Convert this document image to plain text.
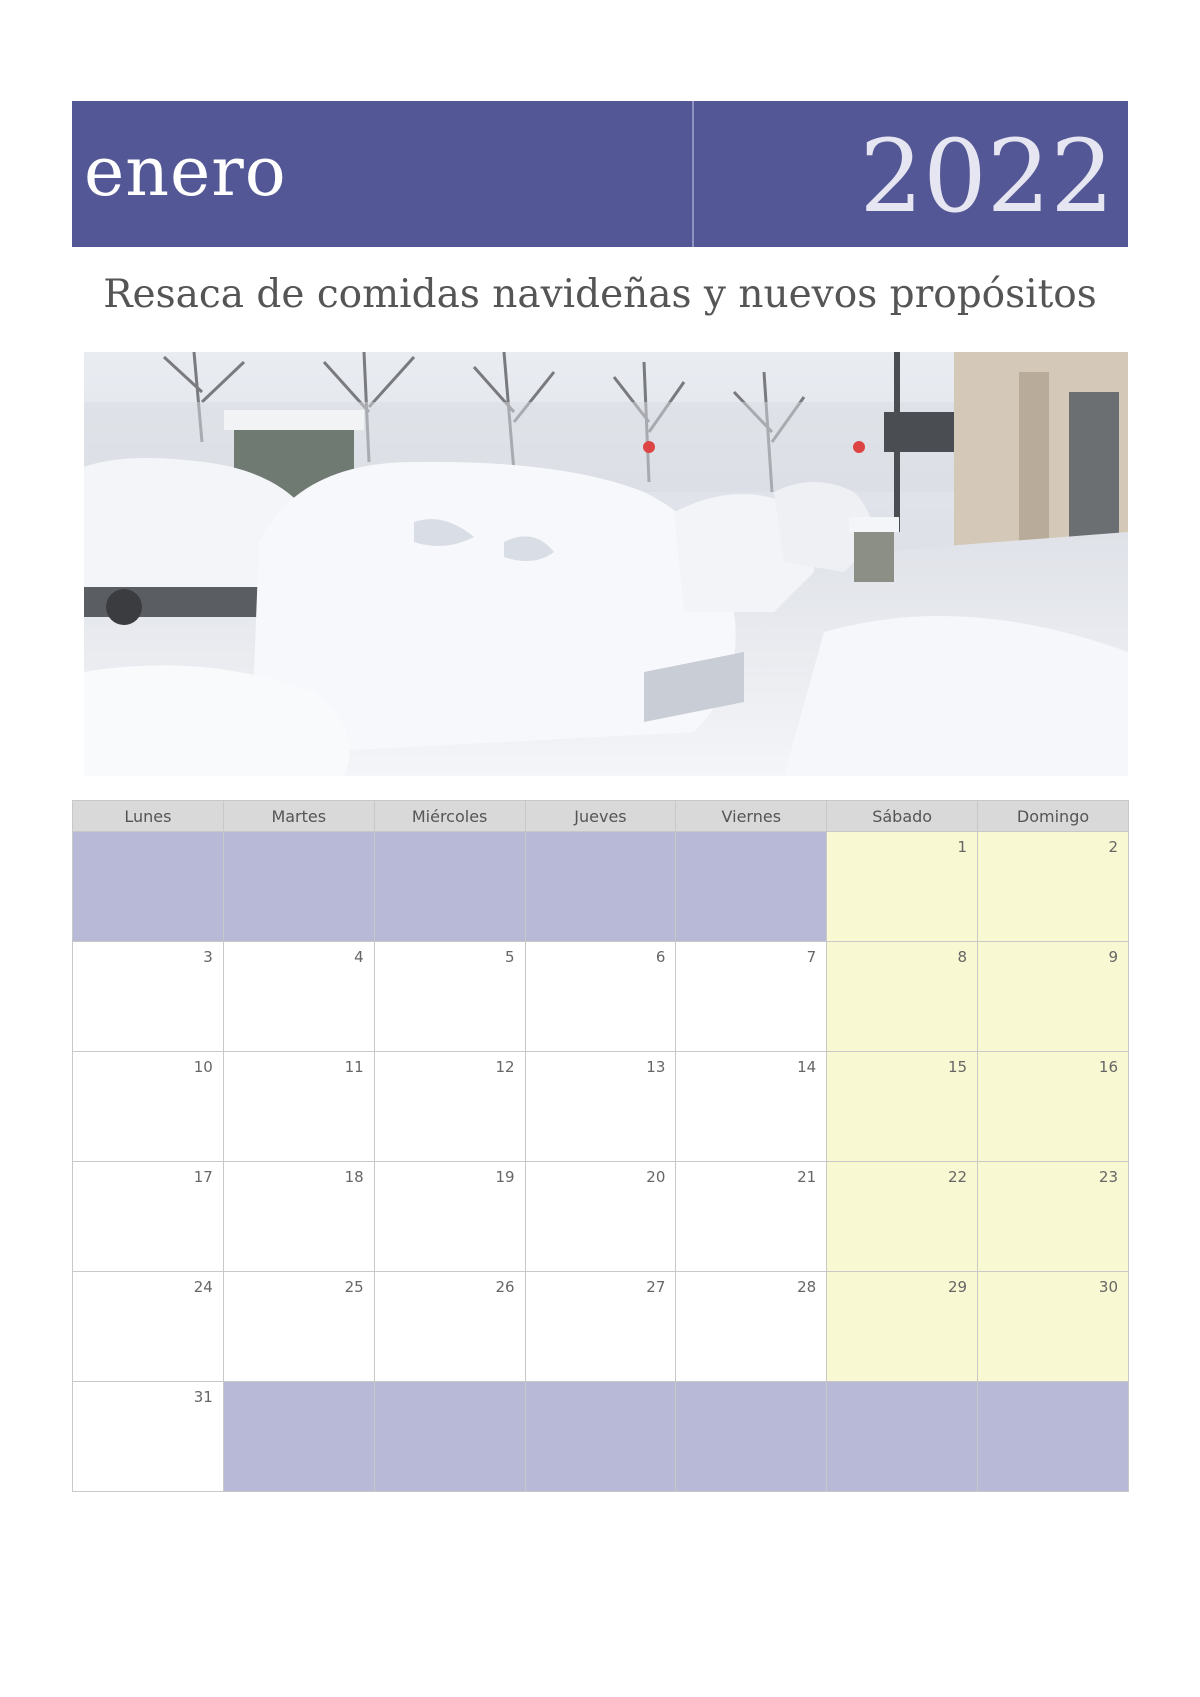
enero	2022
Resaca de comidas navideñas y nuevos propósitos
Lunes	Martes	Miércoles	Jueves	Viernes	Sábado	Domingo
					1	2
3	4	5	6	7	8	9
10	11	12	13	14	15	16
17	18	19	20	21	22	23
24	25	26	27	28	29	30
31						
